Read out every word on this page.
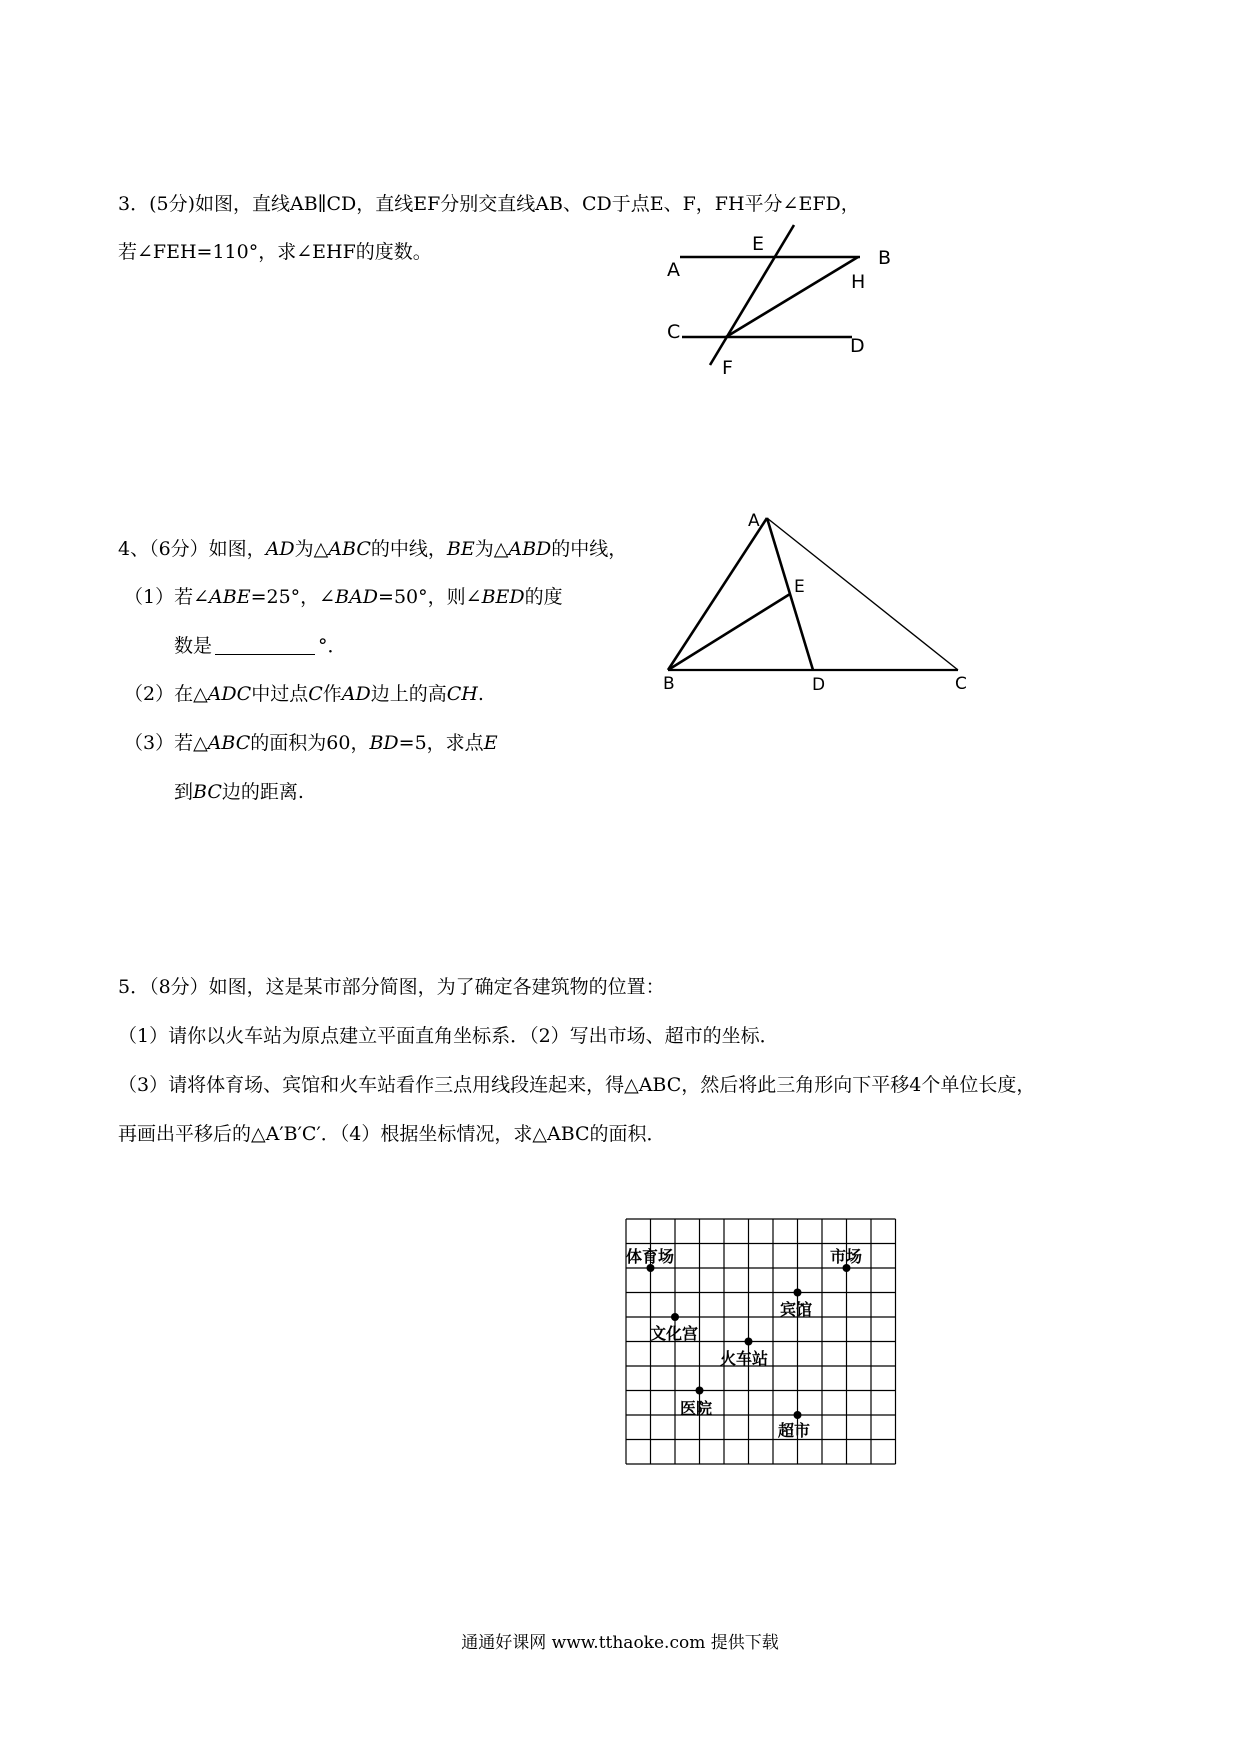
3．(5分)如图，直线AB∥CD，直线EF分别交直线AB、CD于点E、F，FH平分∠EFD，
若∠FEH=110°，求∠EHF的度数。
A
B
C
D
E
F
H
4、（6分）如图，AD为△ABC的中线，BE为△ABD的中线，
（1）若∠ABE=25°，∠BAD=50°，则∠BED的度
数是	°．
（2）在△ADC中过点C作AD边上的高CH.
（3）若△ABC的面积为60，BD=5，求点E
到BC边的距离.
A
B	C
D
E
5．（8分）如图，这是某市部分简图，为了确定各建筑物的位置：
（1）请你以火车站为原点建立平面直角坐标系．（2）写出市场、超市的坐标．
（3）请将体育场、宾馆和火车站看作三点用线段连起来，得△ABC，然后将此三角形向下平移4个单位长度，
再画出平移后的△A′B′C′．（4）根据坐标情况，求△ABC的面积．
体育场	市场
宾馆
文化宫
火车站
医院
超市
通通好课网 www.tthaoke.com 提供下载
